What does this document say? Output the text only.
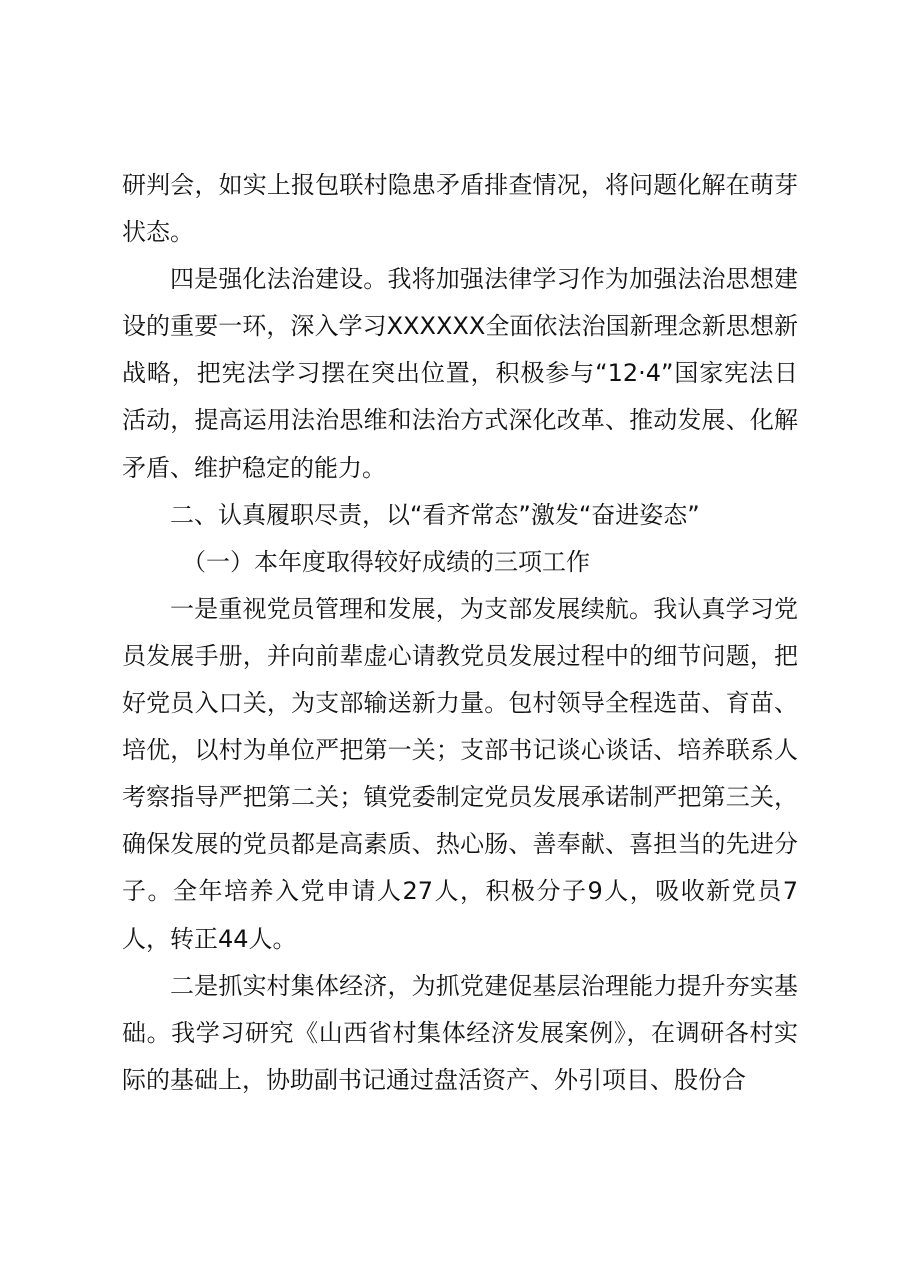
研判会，如实上报包联村隐患矛盾排查情况，将问题化解在萌芽状态。

四是强化法治建设。我将加强法律学习作为加强法治思想建设的重要一环，深入学习XXXXXX全面依法治国新理念新思想新战略，把宪法学习摆在突出位置，积极参与“12·4”国家宪法日活动，提高运用法治思维和法治方式深化改革、推动发展、化解矛盾、维护稳定的能力。

二、认真履职尽责，以“看齐常态”激发“奋进姿态”

（一）本年度取得较好成绩的三项工作

一是重视党员管理和发展，为支部发展续航。我认真学习党员发展手册，并向前辈虚心请教党员发展过程中的细节问题，把好党员入口关，为支部输送新力量。包村领导全程选苗、育苗、培优，以村为单位严把第一关；支部书记谈心谈话、培养联系人考察指导严把第二关；镇党委制定党员发展承诺制严把第三关，确保发展的党员都是高素质、热心肠、善奉献、喜担当的先进分子。全年培养入党申请人27人，积极分子9人，吸收新党员7人，转正44人。

二是抓实村集体经济，为抓党建促基层治理能力提升夯实基础。我学习研究《山西省村集体经济发展案例》，在调研各村实际的基础上，协助副书记通过盘活资产、外引项目、股份合
